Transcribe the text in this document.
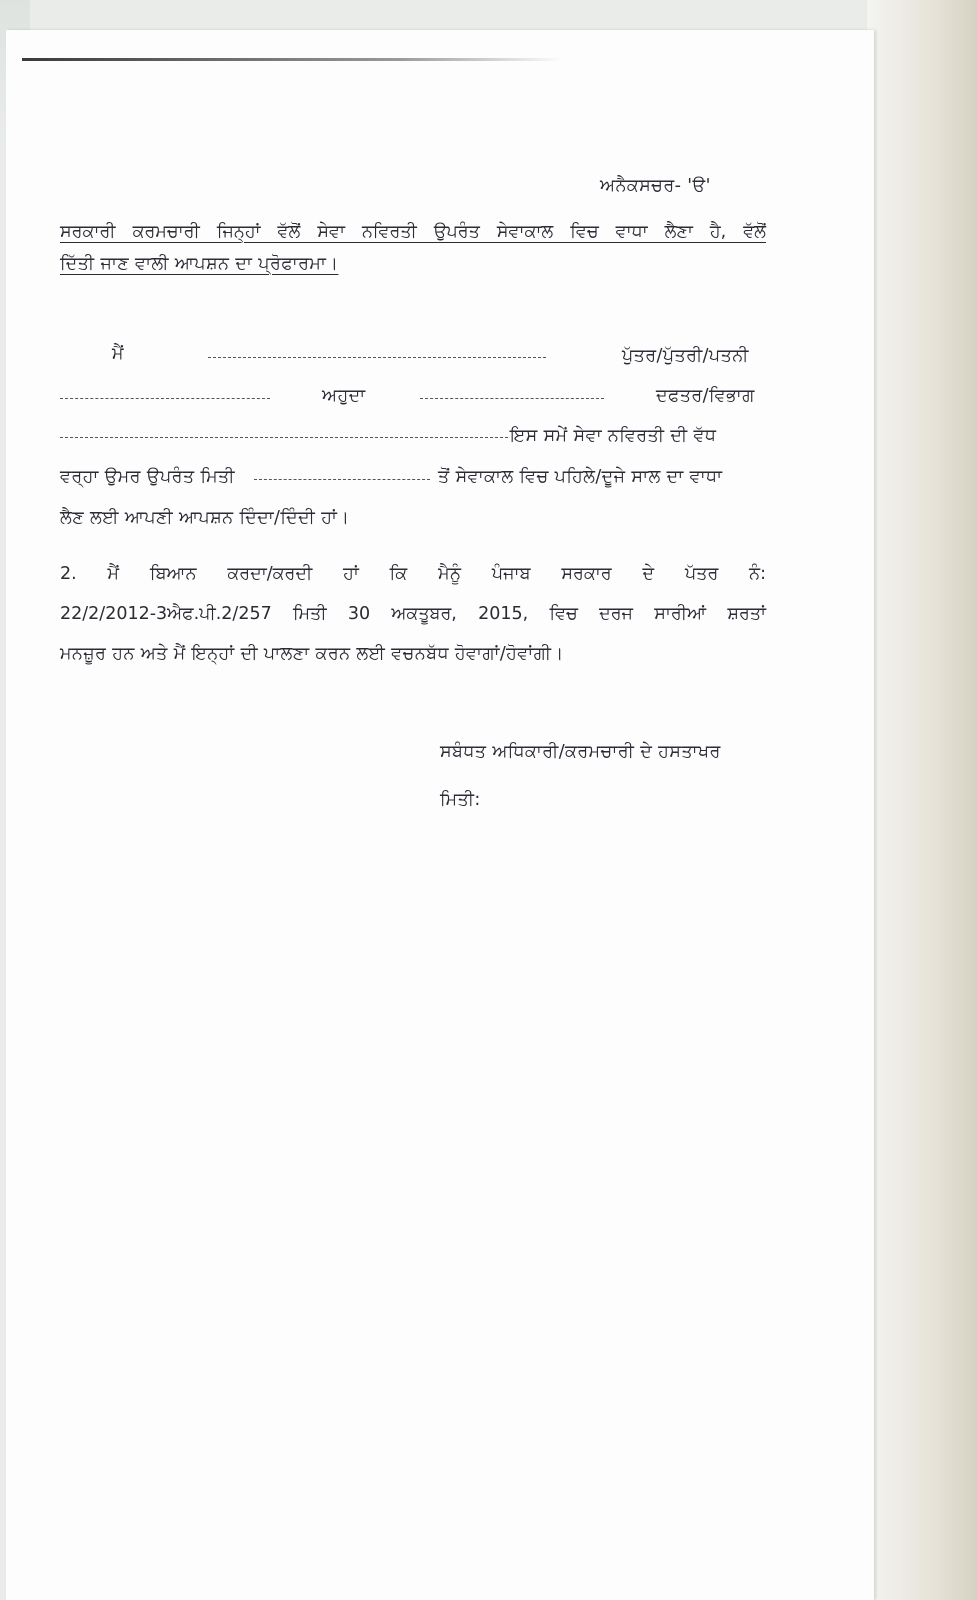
ਅਨੈਕਸਚਰ- 'ੳ'
ਸਰਕਾਰੀ ਕਰਮਚਾਰੀ ਜਿਨ੍ਹਾਂ ਵੱਲੋਂ ਸੇਵਾ ਨਵਿਰਤੀ ਉਪਰੰਤ ਸੇਵਾਕਾਲ ਵਿਚ ਵਾਧਾ ਲੈਣਾ ਹੈ, ਵੱਲੋਂ
ਦਿੱਤੀ ਜਾਣ ਵਾਲੀ ਆਪਸ਼ਨ ਦਾ ਪ੍ਰੋਫਾਰਮਾ।
ਮੈਂ	ਪੁੱਤਰ/ਪੁੱਤਰੀ/ਪਤਨੀ
ਅਹੁਦਾ	ਦਫਤਰ/ਵਿਭਾਗ
ਇਸ ਸਮੇਂ ਸੇਵਾ ਨਵਿਰਤੀ ਦੀ ਵੱਧ
ਵਰ੍ਹਾ ਉਮਰ ਉਪਰੰਤ ਮਿਤੀ	ਤੋਂ ਸੇਵਾਕਾਲ ਵਿਚ ਪਹਿਲੇ/ਦੂਜੇ ਸਾਲ ਦਾ ਵਾਧਾ
ਲੈਣ ਲਈ ਆਪਣੀ ਆਪਸ਼ਨ ਦਿੰਦਾ/ਦਿੰਦੀ ਹਾਂ।
2. ਮੈਂ ਬਿਆਨ ਕਰਦਾ/ਕਰਦੀ ਹਾਂ ਕਿ ਮੈਨੂੰ ਪੰਜਾਬ ਸਰਕਾਰ ਦੇ ਪੱਤਰ ਨੰ:
22/2/2012-3ਐਫ.ਪੀ.2/257 ਮਿਤੀ 30 ਅਕਤੂਬਰ, 2015, ਵਿਚ ਦਰਜ ਸਾਰੀਆਂ ਸ਼ਰਤਾਂ
ਮਨਜ਼ੂਰ ਹਨ ਅਤੇ ਮੈਂ ਇਨ੍ਹਾਂ ਦੀ ਪਾਲਣਾ ਕਰਨ ਲਈ ਵਚਨਬੱਧ ਹੋਵਾਗਾਂ/ਹੋਵਾਂਗੀ।
ਸਬੰਧਤ ਅਧਿਕਾਰੀ/ਕਰਮਚਾਰੀ ਦੇ ਹਸਤਾਖਰ
ਮਿਤੀ:
